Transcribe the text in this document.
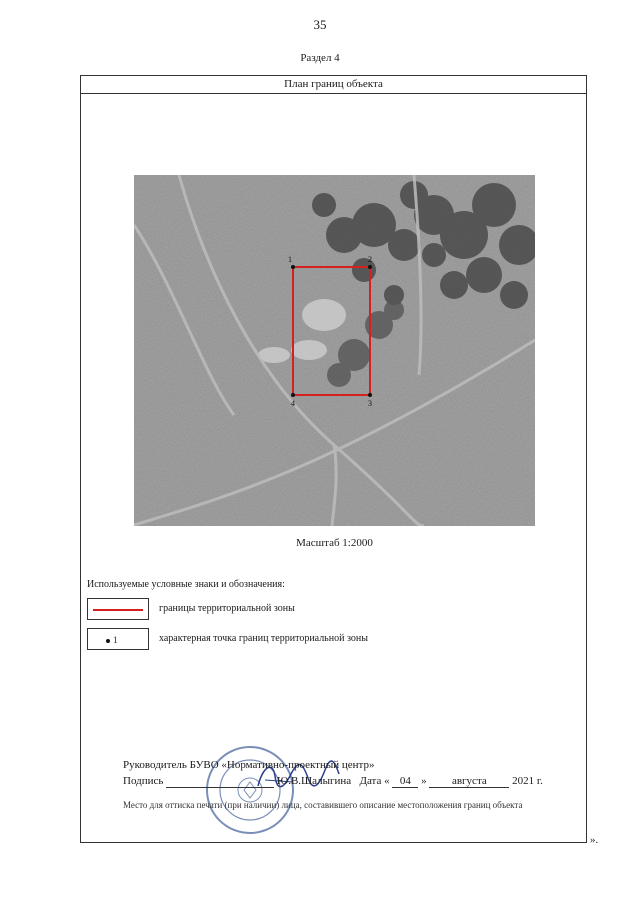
35
Раздел 4
План границ объекта
1	2
3
4
Масштаб 1:2000
Используемые условные знаки и обозначения:
границы территориальной зоны
1	характерная точка границ территориальной зоны
Руководитель БУВО «Нормативно-проектный центр»
Подпись	Ю.В.Шалыгина Дата « 04 » августа 2021 г.
Место для оттиска печати (при наличии) лица, составившего описание местоположения границ объекта
».
